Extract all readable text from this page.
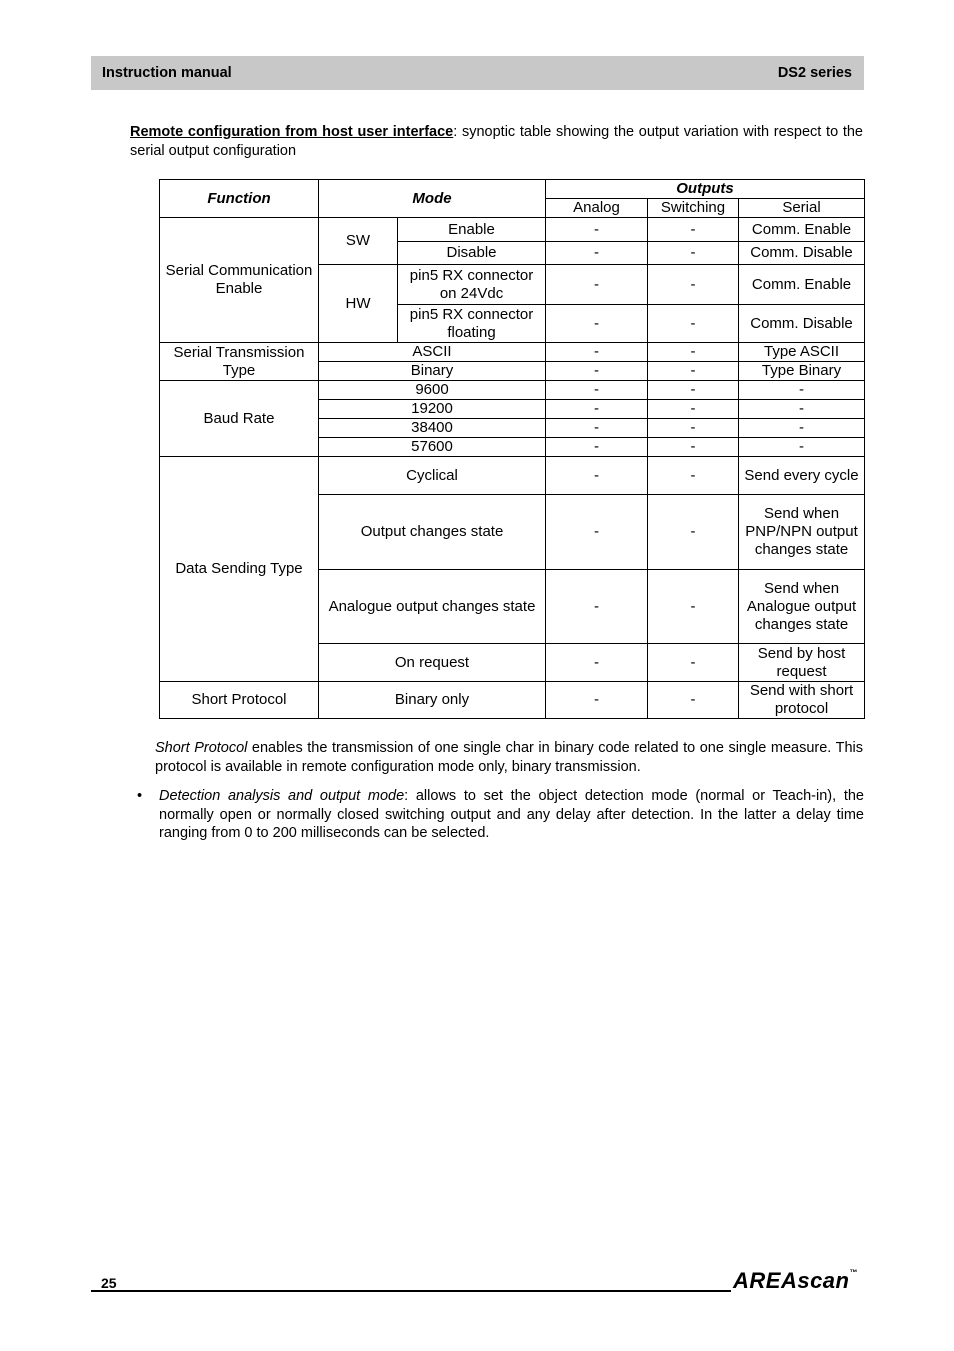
Instruction manual	DS2 series
Remote configuration from host user interface: synoptic table showing the output variation with respect to the serial output configuration
Function	Mode		Outputs		
			Analog	Switching	Serial
Serial Communication Enable	SW	Enable	-	-	Comm. Enable
		Disable	-	-	Comm. Disable
	HW	pin5 RX connector on 24Vdc	-	-	Comm. Enable
		pin5 RX connector floating	-	-	Comm. Disable
Serial Transmission Type	ASCII		-	-	Type ASCII
	Binary		-	-	Type Binary
Baud Rate	9600		-	-	-
	19200		-	-	-
	38400		-	-	-
	57600		-	-	-
Data Sending Type	Cyclical		-	-	Send every cycle
	Output changes state		-	-	Send when PNP/NPN output changes state
	Analogue output changes state		-	-	Send when Analogue output changes state
	On request		-	-	Send by host request
Short Protocol	Binary only		-	-	Send with short protocol
Short Protocol enables the transmission of one single char in binary code related to one single measure. This protocol is available in remote configuration mode only, binary transmission.
• Detection analysis and output mode: allows to set the object detection mode (normal or Teach-in), the normally open or normally closed switching output and any delay after detection. In the latter a delay time ranging from 0 to 200 milliseconds can be selected.
25	AREAscan™
